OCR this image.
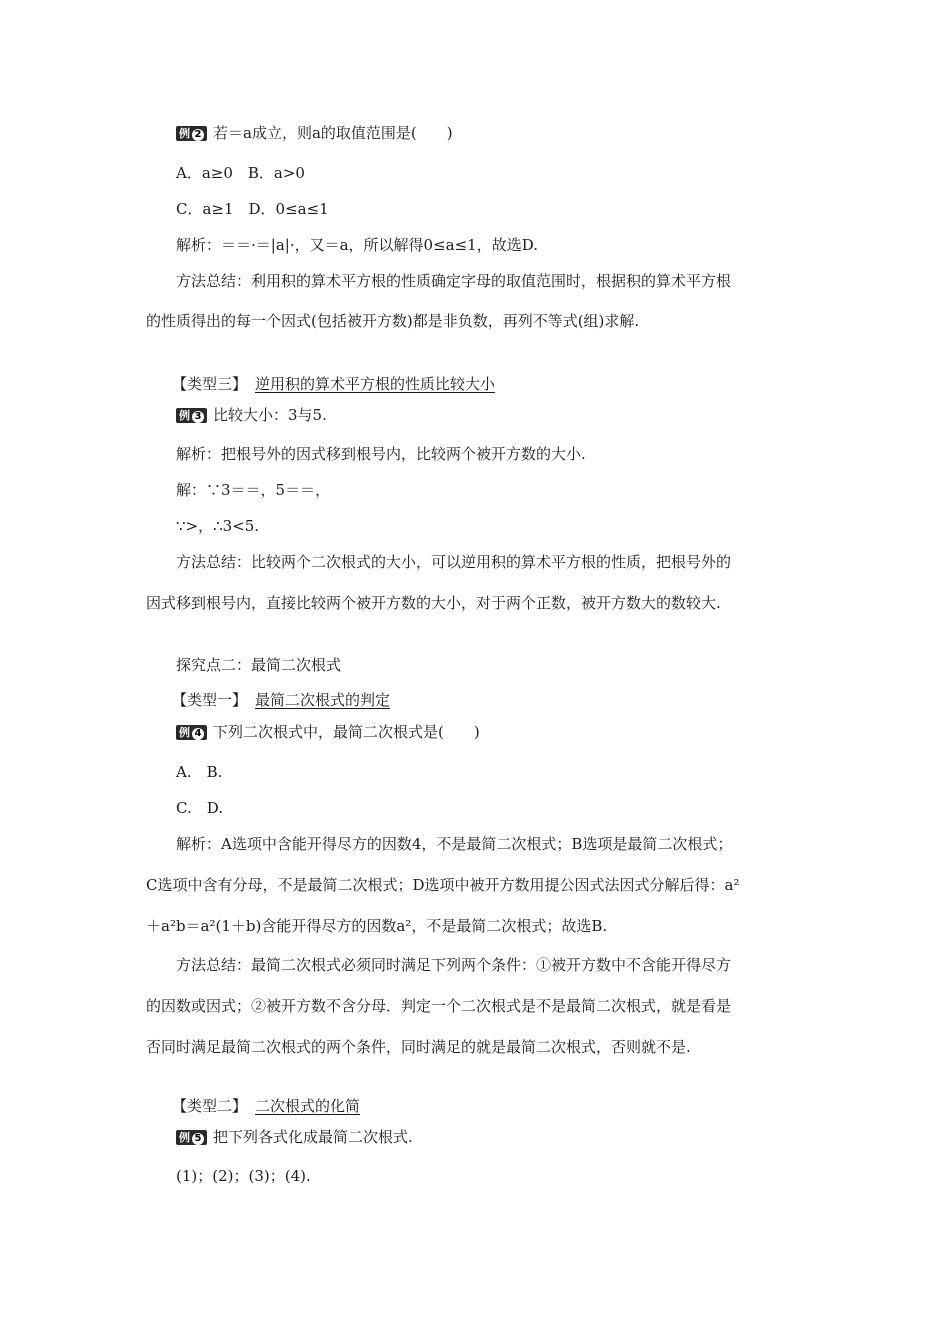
例 2 若＝a成立，则a的取值范围是(　　)
A．a≥0　B．a>0
C．a≥1　D．0≤a≤1
解析：＝＝·＝|a|·，又＝a，所以解得0≤a≤1，故选D.
方法总结：利用积的算术平方根的性质确定字母的取值范围时，根据积的算术平方根
的性质得出的每一个因式(包括被开方数)都是非负数，再列不等式(组)求解.
【类型三】 逆用积的算术平方根的性质比较大小
例 3 比较大小：3与5.
解析：把根号外的因式移到根号内，比较两个被开方数的大小.
解：∵3＝＝，5＝＝，
∵>，∴3<5.
方法总结：比较两个二次根式的大小，可以逆用积的算术平方根的性质，把根号外的
因式移到根号内，直接比较两个被开方数的大小，对于两个正数，被开方数大的数较大.
探究点二：最简二次根式
【类型一】 最简二次根式的判定
例 4 下列二次根式中，最简二次根式是(　　)
A.　B.
C.　D.
解析：A选项中含能开得尽方的因数4，不是最简二次根式；B选项是最简二次根式；
C选项中含有分母，不是最简二次根式；D选项中被开方数用提公因式法因式分解后得：a²
＋a²b＝a²(1＋b)含能开得尽方的因数a²，不是最简二次根式；故选B.
方法总结：最简二次根式必须同时满足下列两个条件：①被开方数中不含能开得尽方
的因数或因式；②被开方数不含分母．判定一个二次根式是不是最简二次根式，就是看是
否同时满足最简二次根式的两个条件，同时满足的就是最简二次根式，否则就不是.
【类型二】 二次根式的化简
例 5 把下列各式化成最简二次根式.
(1)；(2)；(3)；(4).
